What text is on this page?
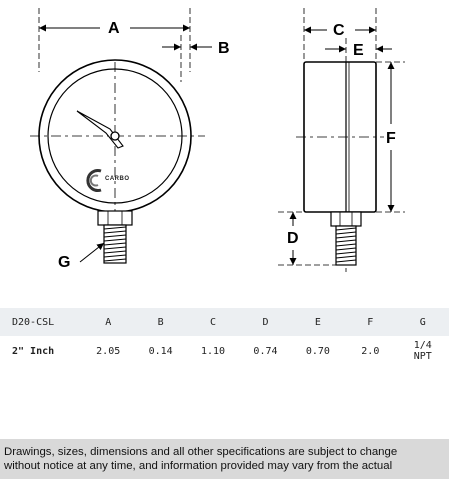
CARBO
A
B
G
C
E
F
D
D20-CSL	A	B	C	D	E	F	G
2" Inch	2.05	0.14	1.10	0.74	0.70	2.0	1/4
NPT
Drawings, sizes, dimensions and all other specifications are subject to change
without notice at any time, and information provided may vary from the actual
